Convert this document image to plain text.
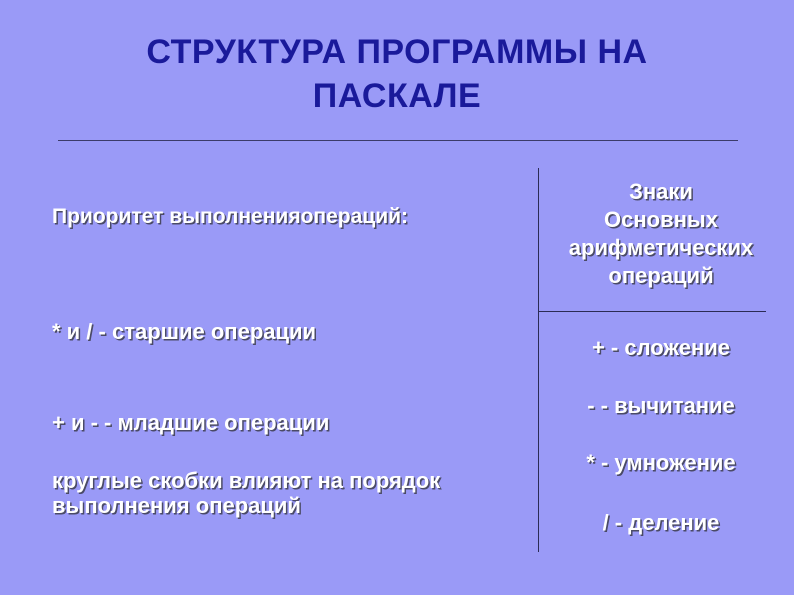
СТРУКТУРА ПРОГРАММЫ НА
ПАСКАЛЕ
Приоритет выполненияопераций:
* и / - старшие операции
+ и - - младшие операции
круглые скобки влияют на порядок
выполнения операций
Знаки
Основных
арифметических
операций
+ - сложение
- - вычитание
* - умножение
/ - деление
